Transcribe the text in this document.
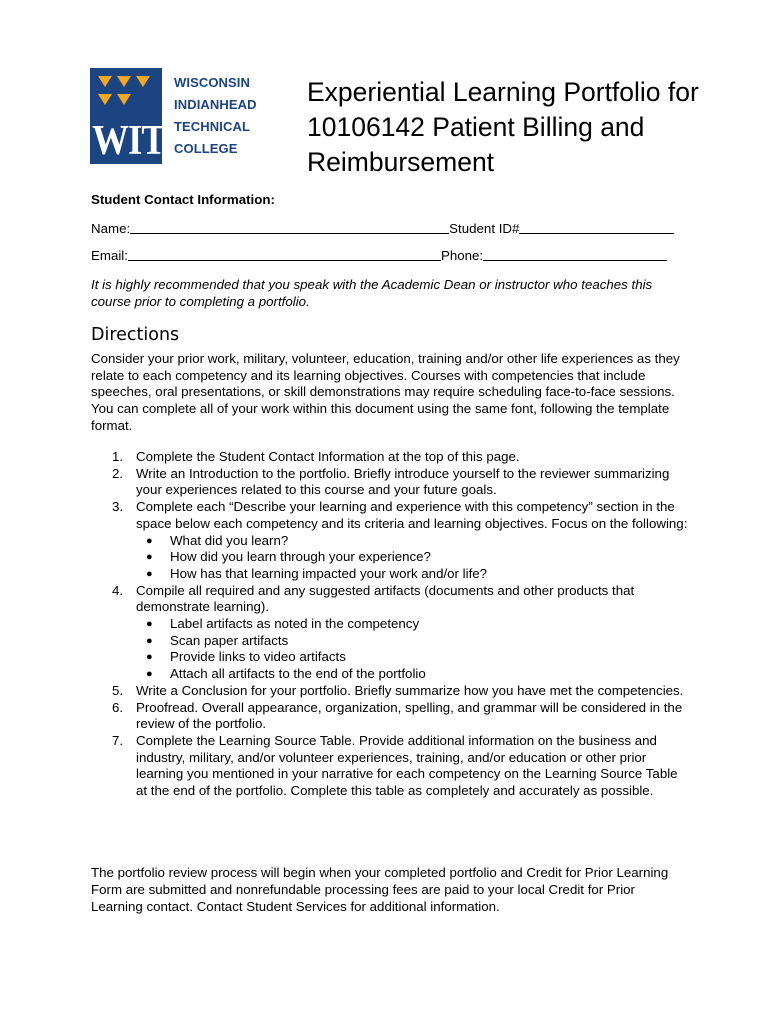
WITC
WISCONSIN
INDIANHEAD
TECHNICAL
COLLEGE
Experiential Learning Portfolio for 10106142 Patient Billing and Reimbursement
Student Contact Information:
Name:	Student ID#
Email:	Phone:
It is highly recommended that you speak with the Academic Dean or instructor who teaches this course prior to completing a portfolio.
Directions
Consider your prior work, military, volunteer, education, training and/or other life experiences as they relate to each competency and its learning objectives. Courses with competencies that include speeches, oral presentations, or skill demonstrations may require scheduling face-to-face sessions. You can complete all of your work within this document using the same font, following the template format.
1. Complete the Student Contact Information at the top of this page.
2. Write an Introduction to the portfolio. Briefly introduce yourself to the reviewer summarizing your experiences related to this course and your future goals.
3. Complete each “Describe your learning and experience with this competency” section in the space below each competency and its criteria and learning objectives. Focus on the following:
● What did you learn?
● How did you learn through your experience?
● How has that learning impacted your work and/or life?
4. Compile all required and any suggested artifacts (documents and other products that demonstrate learning).
● Label artifacts as noted in the competency
● Scan paper artifacts
● Provide links to video artifacts
● Attach all artifacts to the end of the portfolio
5. Write a Conclusion for your portfolio. Briefly summarize how you have met the competencies.
6. Proofread. Overall appearance, organization, spelling, and grammar will be considered in the review of the portfolio.
7. Complete the Learning Source Table. Provide additional information on the business and industry, military, and/or volunteer experiences, training, and/or education or other prior learning you mentioned in your narrative for each competency on the Learning Source Table at the end of the portfolio. Complete this table as completely and accurately as possible.
The portfolio review process will begin when your completed portfolio and Credit for Prior Learning Form are submitted and nonrefundable processing fees are paid to your local Credit for Prior Learning contact. Contact Student Services for additional information.
